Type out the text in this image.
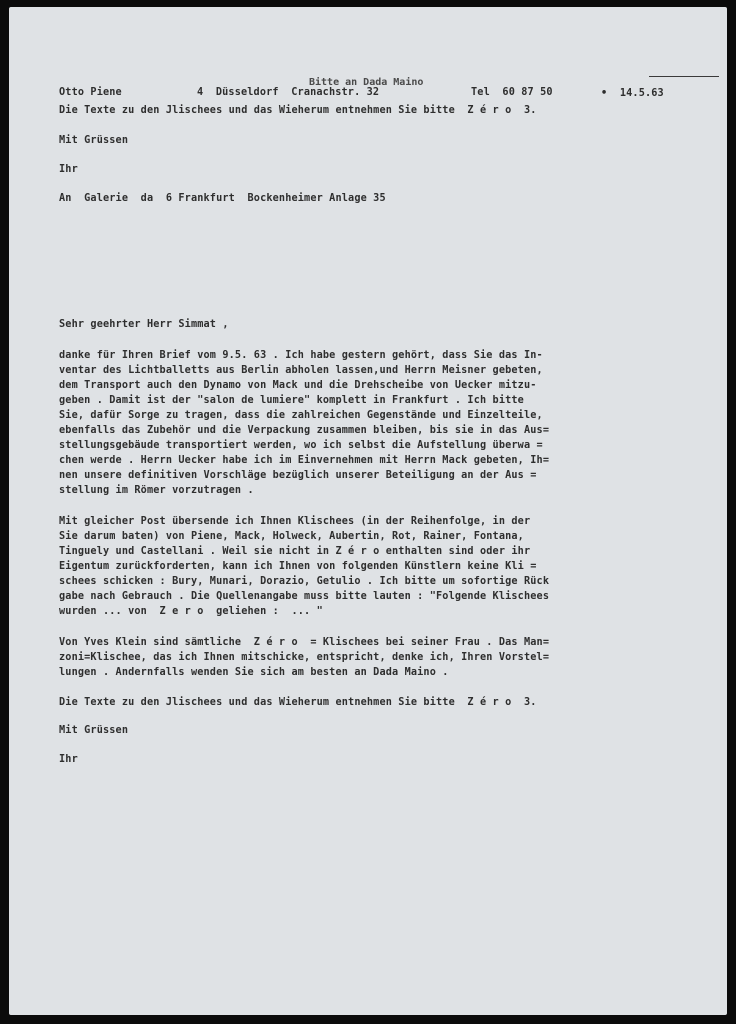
Otto Piene	4  Düsseldorf  Cranachstr. 32	Tel  60 87 50	•  14.5.63
Bitte an Dada Maino
Die Texte zu den Jlischees und das Wieherum entnehmen Sie bitte  Z é r o  3.
Mit Grüssen
Ihr
An  Galerie  da  6 Frankfurt  Bockenheimer Anlage 35
Sehr geehrter Herr Simmat ,
danke für Ihren Brief vom 9.5. 63 . Ich habe gestern gehört, dass Sie das In-
ventar des Lichtballetts aus Berlin abholen lassen,und Herrn Meisner gebeten,
dem Transport auch den Dynamo von Mack und die Drehscheibe von Uecker mitzu-
geben . Damit ist der "salon de lumiere" komplett in Frankfurt . Ich bitte
Sie, dafür Sorge zu tragen, dass die zahlreichen Gegenstände und Einzelteile,
ebenfalls das Zubehör und die Verpackung zusammen bleiben, bis sie in das Aus=
stellungsgebäude transportiert werden, wo ich selbst die Aufstellung überwa =
chen werde . Herrn Uecker habe ich im Einvernehmen mit Herrn Mack gebeten, Ih=
nen unsere definitiven Vorschläge bezüglich unserer Beteiligung an der Aus =
stellung im Römer vorzutragen .
Mit gleicher Post übersende ich Ihnen Klischees (in der Reihenfolge, in der
Sie darum baten) von Piene, Mack, Holweck, Aubertin, Rot, Rainer, Fontana,
Tinguely und Castellani . Weil sie nicht in Z é r o enthalten sind oder ihr
Eigentum zurückforderten, kann ich Ihnen von folgenden Künstlern keine Kli =
schees schicken : Bury, Munari, Dorazio, Getulio . Ich bitte um sofortige Rück
gabe nach Gebrauch . Die Quellenangabe muss bitte lauten : "Folgende Klischees
wurden ... von  Z e r o  geliehen :  ... "
Von Yves Klein sind sämtliche  Z é r o  = Klischees bei seiner Frau . Das Man=
zoni=Klischee, das ich Ihnen mitschicke, entspricht, denke ich, Ihren Vorstel=
lungen . Andernfalls wenden Sie sich am besten an Dada Maino .
Die Texte zu den Jlischees und das Wieherum entnehmen Sie bitte  Z é r o  3.
Mit Grüssen
Ihr
